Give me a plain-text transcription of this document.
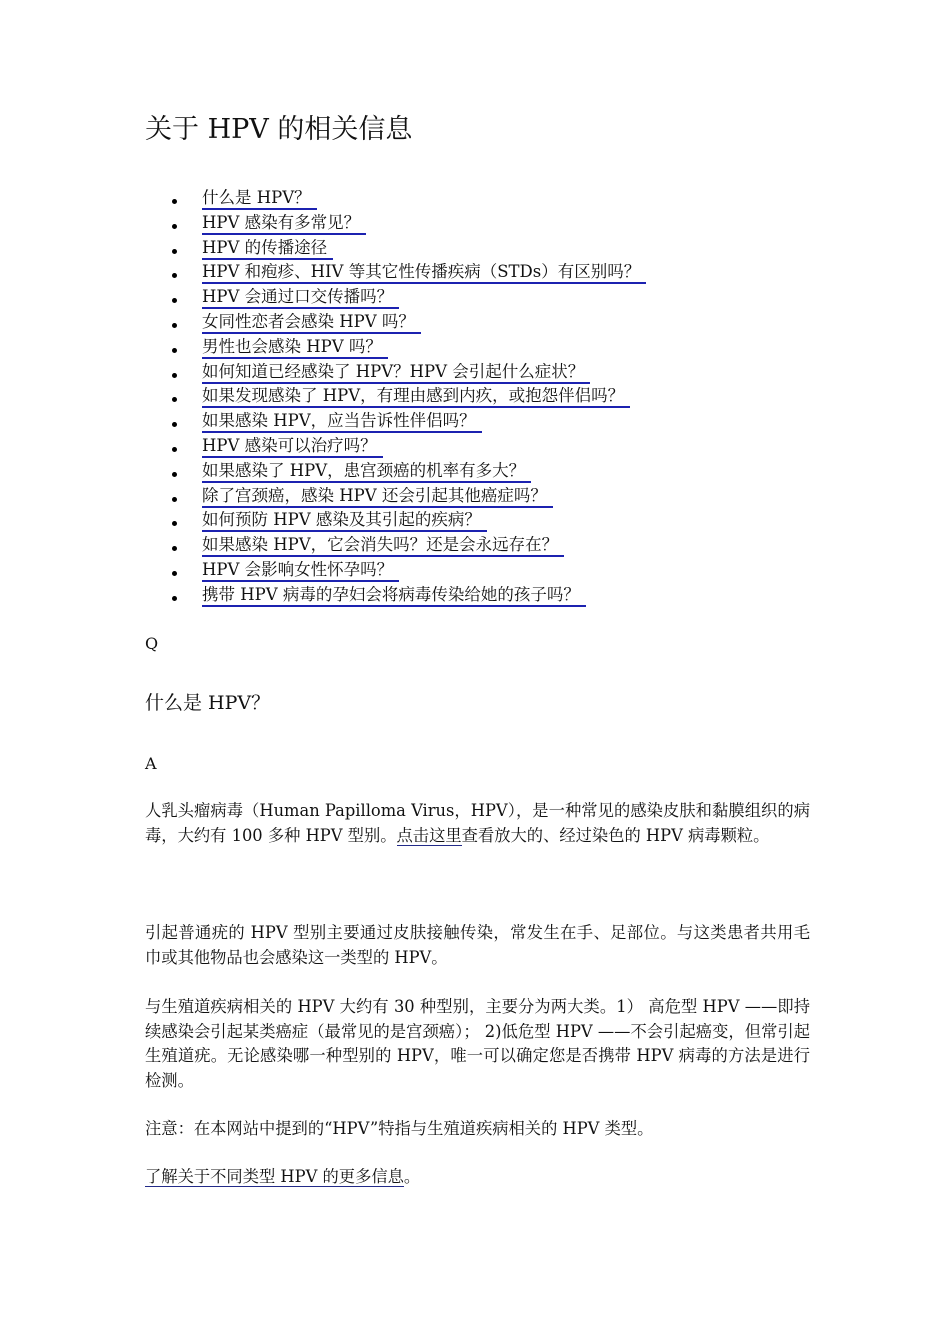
关于 HPV 的相关信息
什么是 HPV？
HPV 感染有多常见？
HPV 的传播途径
HPV 和疱疹、HIV 等其它性传播疾病（STDs）有区别吗？
HPV 会通过口交传播吗？
女同性恋者会感染 HPV 吗？
男性也会感染 HPV 吗？
如何知道已经感染了 HPV？HPV 会引起什么症状？
如果发现感染了 HPV，有理由感到内疚，或抱怨伴侣吗？
如果感染 HPV，应当告诉性伴侣吗？
HPV 感染可以治疗吗？
如果感染了 HPV，患宫颈癌的机率有多大？
除了宫颈癌，感染 HPV 还会引起其他癌症吗？
如何预防 HPV 感染及其引起的疾病？
如果感染 HPV，它会消失吗？还是会永远存在？
HPV 会影响女性怀孕吗？
携带 HPV 病毒的孕妇会将病毒传染给她的孩子吗？

Q

什么是 HPV？

A

人乳头瘤病毒（Human Papilloma Virus，HPV），是一种常见的感染皮肤和黏膜组织的病毒，大约有 100 多种 HPV 型别。点击这里查看放大的、经过染色的 HPV 病毒颗粒。

引起普通疣的 HPV 型别主要通过皮肤接触传染，常发生在手、足部位。与这类患者共用毛巾或其他物品也会感染这一类型的 HPV。

与生殖道疾病相关的 HPV 大约有 30 种型别，主要分为两大类。1） 高危型 HPV ——即持续感染会引起某类癌症（最常见的是宫颈癌）； 2)低危型 HPV ——不会引起癌变，但常引起生殖道疣。无论感染哪一种型别的 HPV，唯一可以确定您是否携带 HPV 病毒的方法是进行检测。

注意：在本网站中提到的“HPV”特指与生殖道疾病相关的 HPV 类型。

了解关于不同类型 HPV 的更多信息。
